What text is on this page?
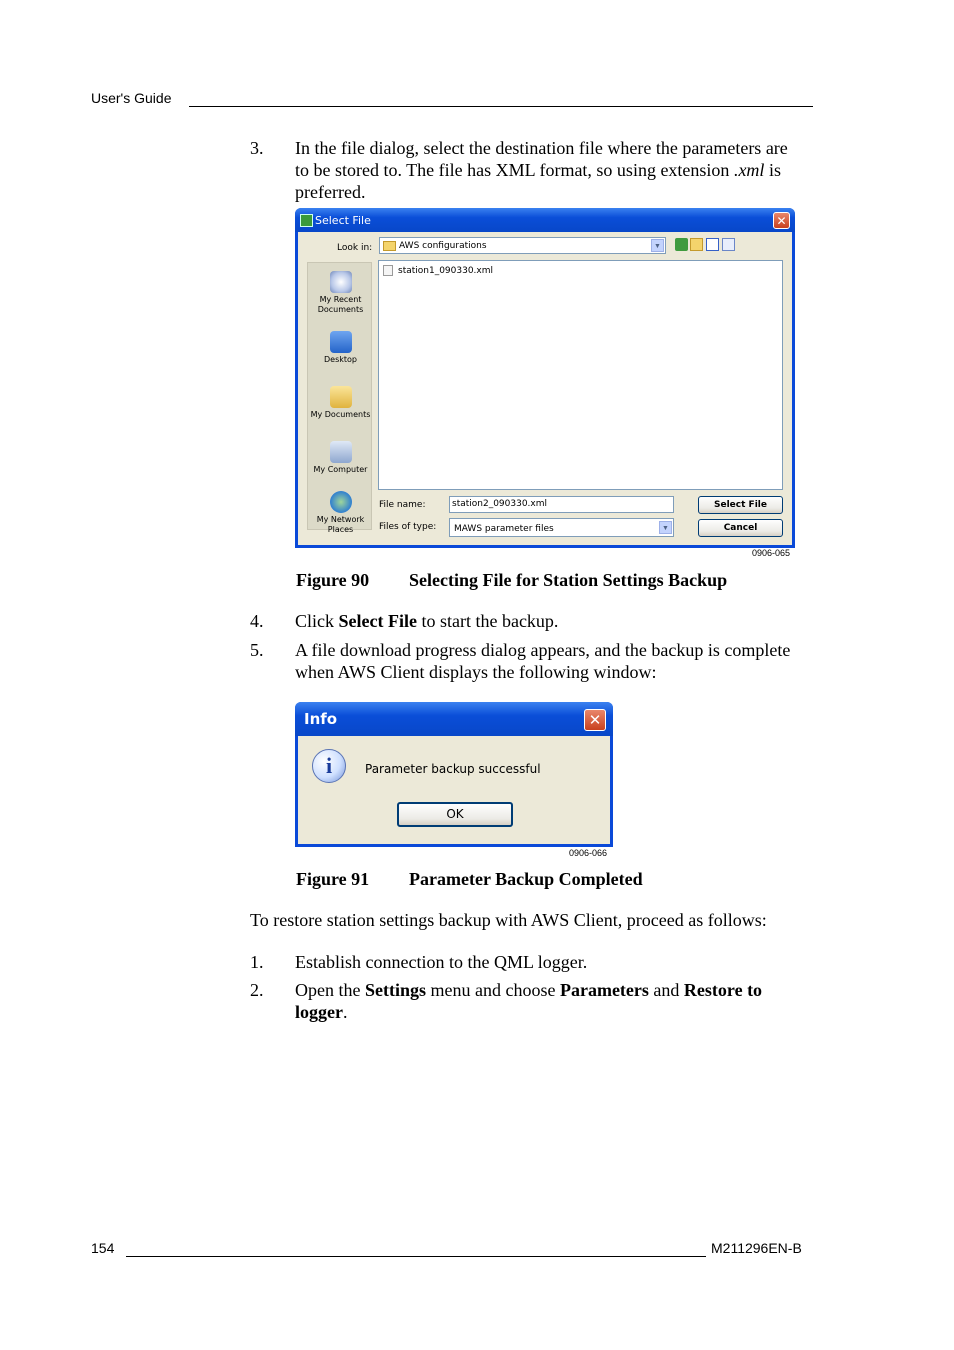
User's Guide
3.	In the file dialog, select the destination file where the parameters are to be stored to. The file has XML format, so using extension .xml is preferred.
Select File	✕
Look in:	AWS configurations	▼
My Recent Documents
Desktop
My Documents
My Computer
My Network Places
station1_090330.xml
File name:	station2_090330.xml
Files of type: MAWS parameter files	▼
Select File
Cancel
0906-065
Figure 90 Selecting File for Station Settings Backup
4.	Click Select File to start the backup.
5.	A file download progress dialog appears, and the backup is complete when AWS Client displays the following window:
Info	✕
i	Parameter backup successful
OK
0906-066
Figure 91 Parameter Backup Completed
To restore station settings backup with AWS Client, proceed as follows:
1.	Establish connection to the QML logger.
2.	Open the Settings menu and choose Parameters and Restore to logger.
154	M211296EN-B
